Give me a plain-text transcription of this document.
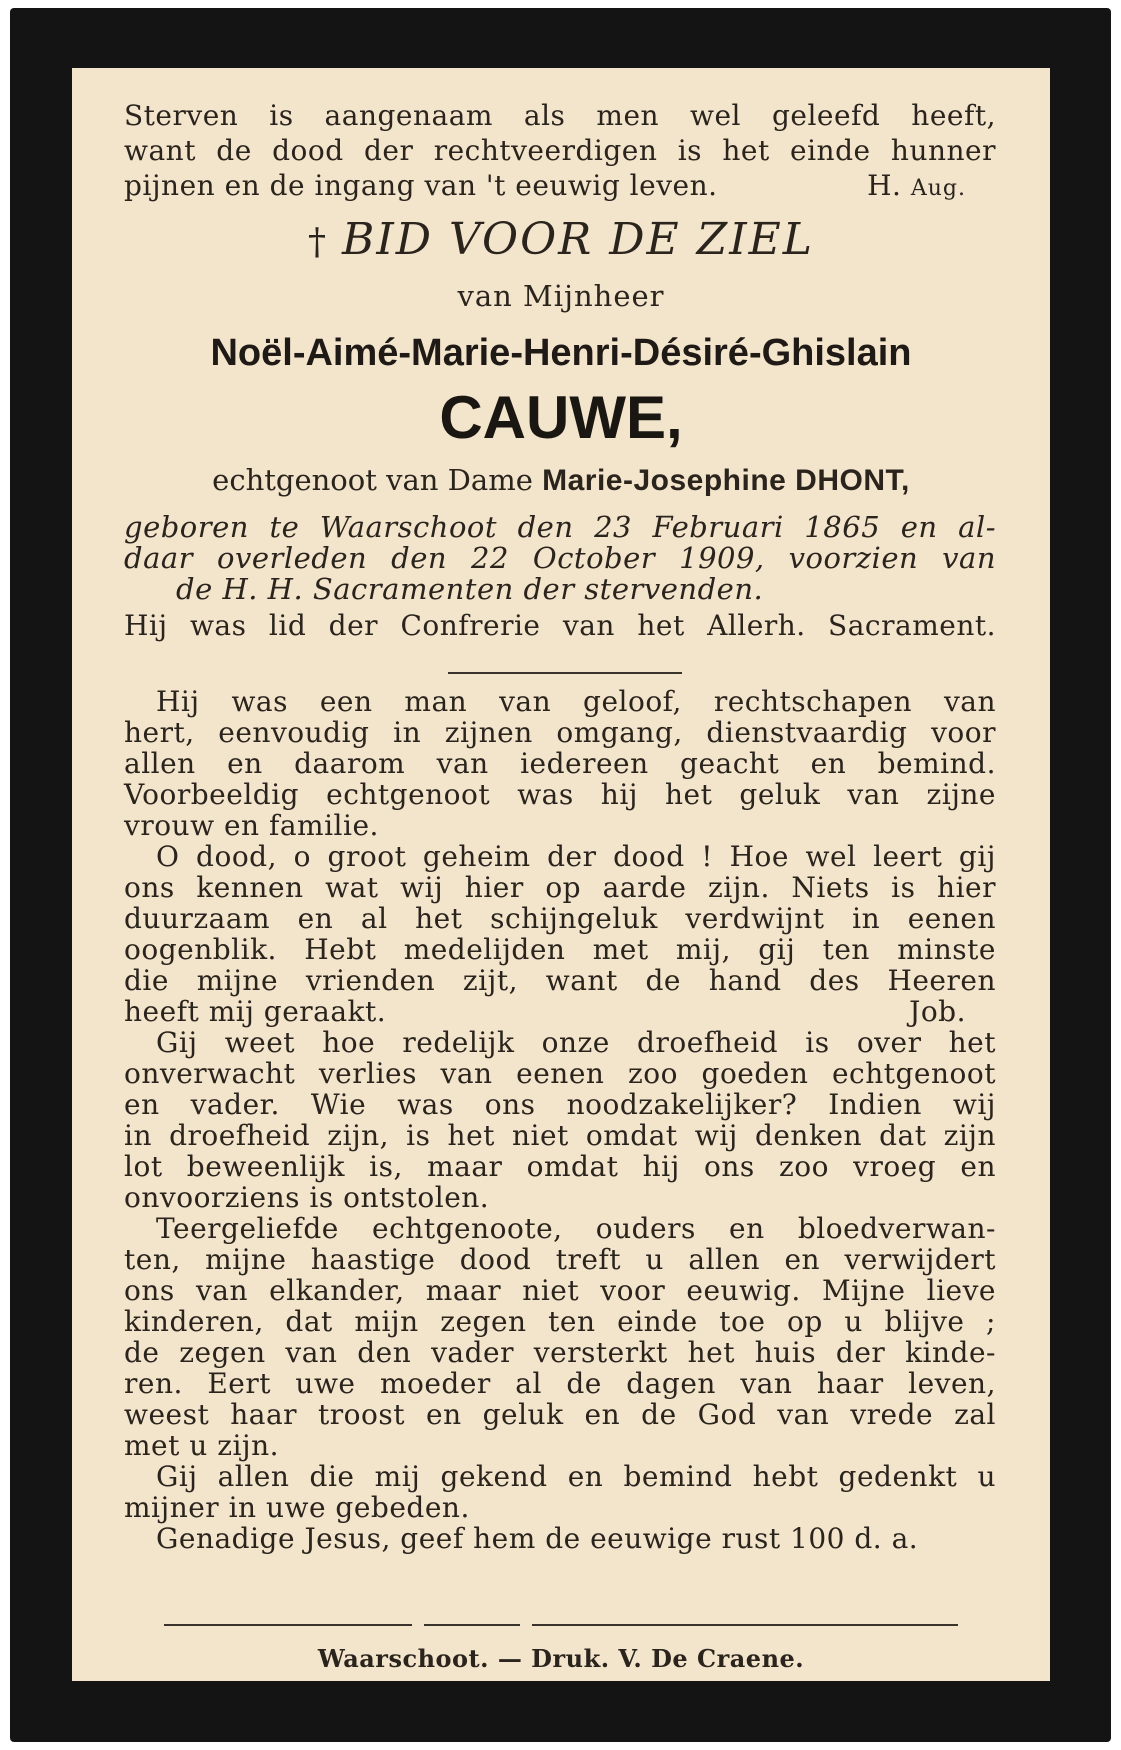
Sterven is aangenaam als men wel geleefd heeft,

want de dood der rechtveerdigen is het einde hunner

pijnen en de ingang van 't eeuwig leven.	H. Aug.

† BID VOOR DE ZIEL
van Mijnheer
Noël-Aimé-Marie-Henri-Désiré-Ghislain
CAUWE,
echtgenoot van Dame Marie-Josephine DHONT,

geboren te Waarschoot den 23 Februari 1865 en al-

daar overleden den 22 October 1909, voorzien van

de H. H. Sacramenten der stervenden.

Hij was lid der Confrerie van het Allerh. Sacrament.

Hij was een man van geloof, rechtschapen van

hert, eenvoudig in zijnen omgang, dienstvaardig voor

allen en daarom van iedereen geacht en bemind.

Voorbeeldig echtgenoot was hij het geluk van zijne

vrouw en familie.

O dood, o groot geheim der dood ! Hoe wel leert gij

ons kennen wat wij hier op aarde zijn. Niets is hier

duurzaam en al het schijngeluk verdwijnt in eenen

oogenblik. Hebt medelijden met mij, gij ten minste

die mijne vrienden zijt, want de hand des Heeren

heeft mij geraakt.	Job.

Gij weet hoe redelijk onze droefheid is over het

onverwacht verlies van eenen zoo goeden echtgenoot

en vader. Wie was ons noodzakelijker? Indien wij

in droefheid zijn, is het niet omdat wij denken dat zijn

lot beweenlijk is, maar omdat hij ons zoo vroeg en

onvoorziens is ontstolen.

Teergeliefde echtgenoote, ouders en bloedverwan-

ten, mijne haastige dood treft u allen en verwijdert

ons van elkander, maar niet voor eeuwig. Mijne lieve

kinderen, dat mijn zegen ten einde toe op u blijve ;

de zegen van den vader versterkt het huis der kinde-

ren. Eert uwe moeder al de dagen van haar leven,

weest haar troost en geluk en de God van vrede zal

met u zijn.

Gij allen die mij gekend en bemind hebt gedenkt u

mijner in uwe gebeden.

Genadige Jesus, geef hem de eeuwige rust 100 d. a.

Waarschoot. — Druk. V. De Craene.
